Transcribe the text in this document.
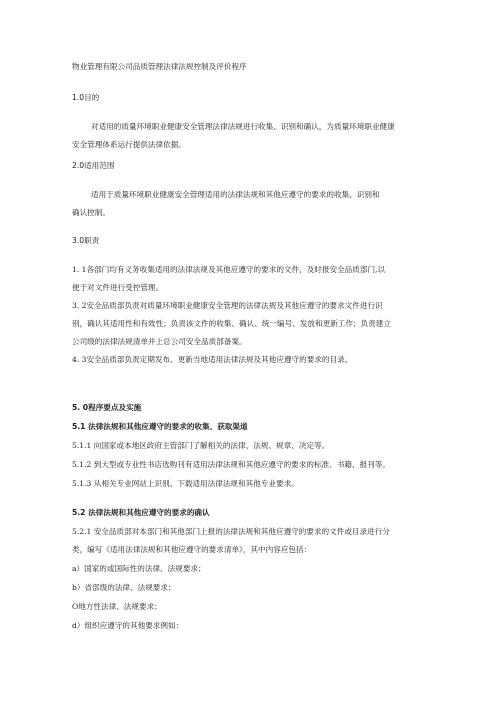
物业管理有限公司品质管理法律法规控制及评价程序
1.0目的
对适用的质量环境职业健康安全管理法律法规进行收集、识别和确认，为质量环境职业健康
安全管理体系运行提供法律依据。
2.0适用范围
适用于质量环境职业健康安全管理适用的法律法规和其他应遵守的要求的收集、识别和
确认控制。
3.0职责
1. 1各部门均有义务收集适用的法律法规及其他应遵守的要求的文件，及时报安全品质部门,以
便于对文件进行受控管理。
3. 2安全品质部负责对质量环境职业健康安全管理的法律法规及其他应遵守的要求文件进行识
别，确认其适用性和有效性；负责该文件的收集、确认、统一编号、发放和更新工作；负责建立
公司级的法律法规清单并上总公司安全品质部备案。
4. 3安全品质部负责定期发布、更新当地适用法律法规及其他应遵守的要求的目录。
5. 0程序要点及实施
5.1 法律法规和其他应遵守的要求的收集、获取渠道
5.1.1 向国家或本地区政府主管部门了解相关的法律、法规、规章、决定等。
5.1.2 到大型或专业性书店选购刊有适用法律法规和其他应遵守的要求的标准、书籍、报刊等。
5.1.3 从相关专业网站上识别、下载适用法律法规和其他专业要求。
5.2 法律法规和其他应遵守的要求的确认
5.2.1 安全品质部对本部门和其他部门上报的法律法规和其他应遵守的要求的文件或目录进行分
类，编写《适用法律法规和其他应遵守的要求清单》，其中内容应包括：
a）国家的或国际性的法律、法规要求；
b）省部级的法律、法规要求；
O地方性法律、法规要求；
d）组织应遵守的其他要求例如：
